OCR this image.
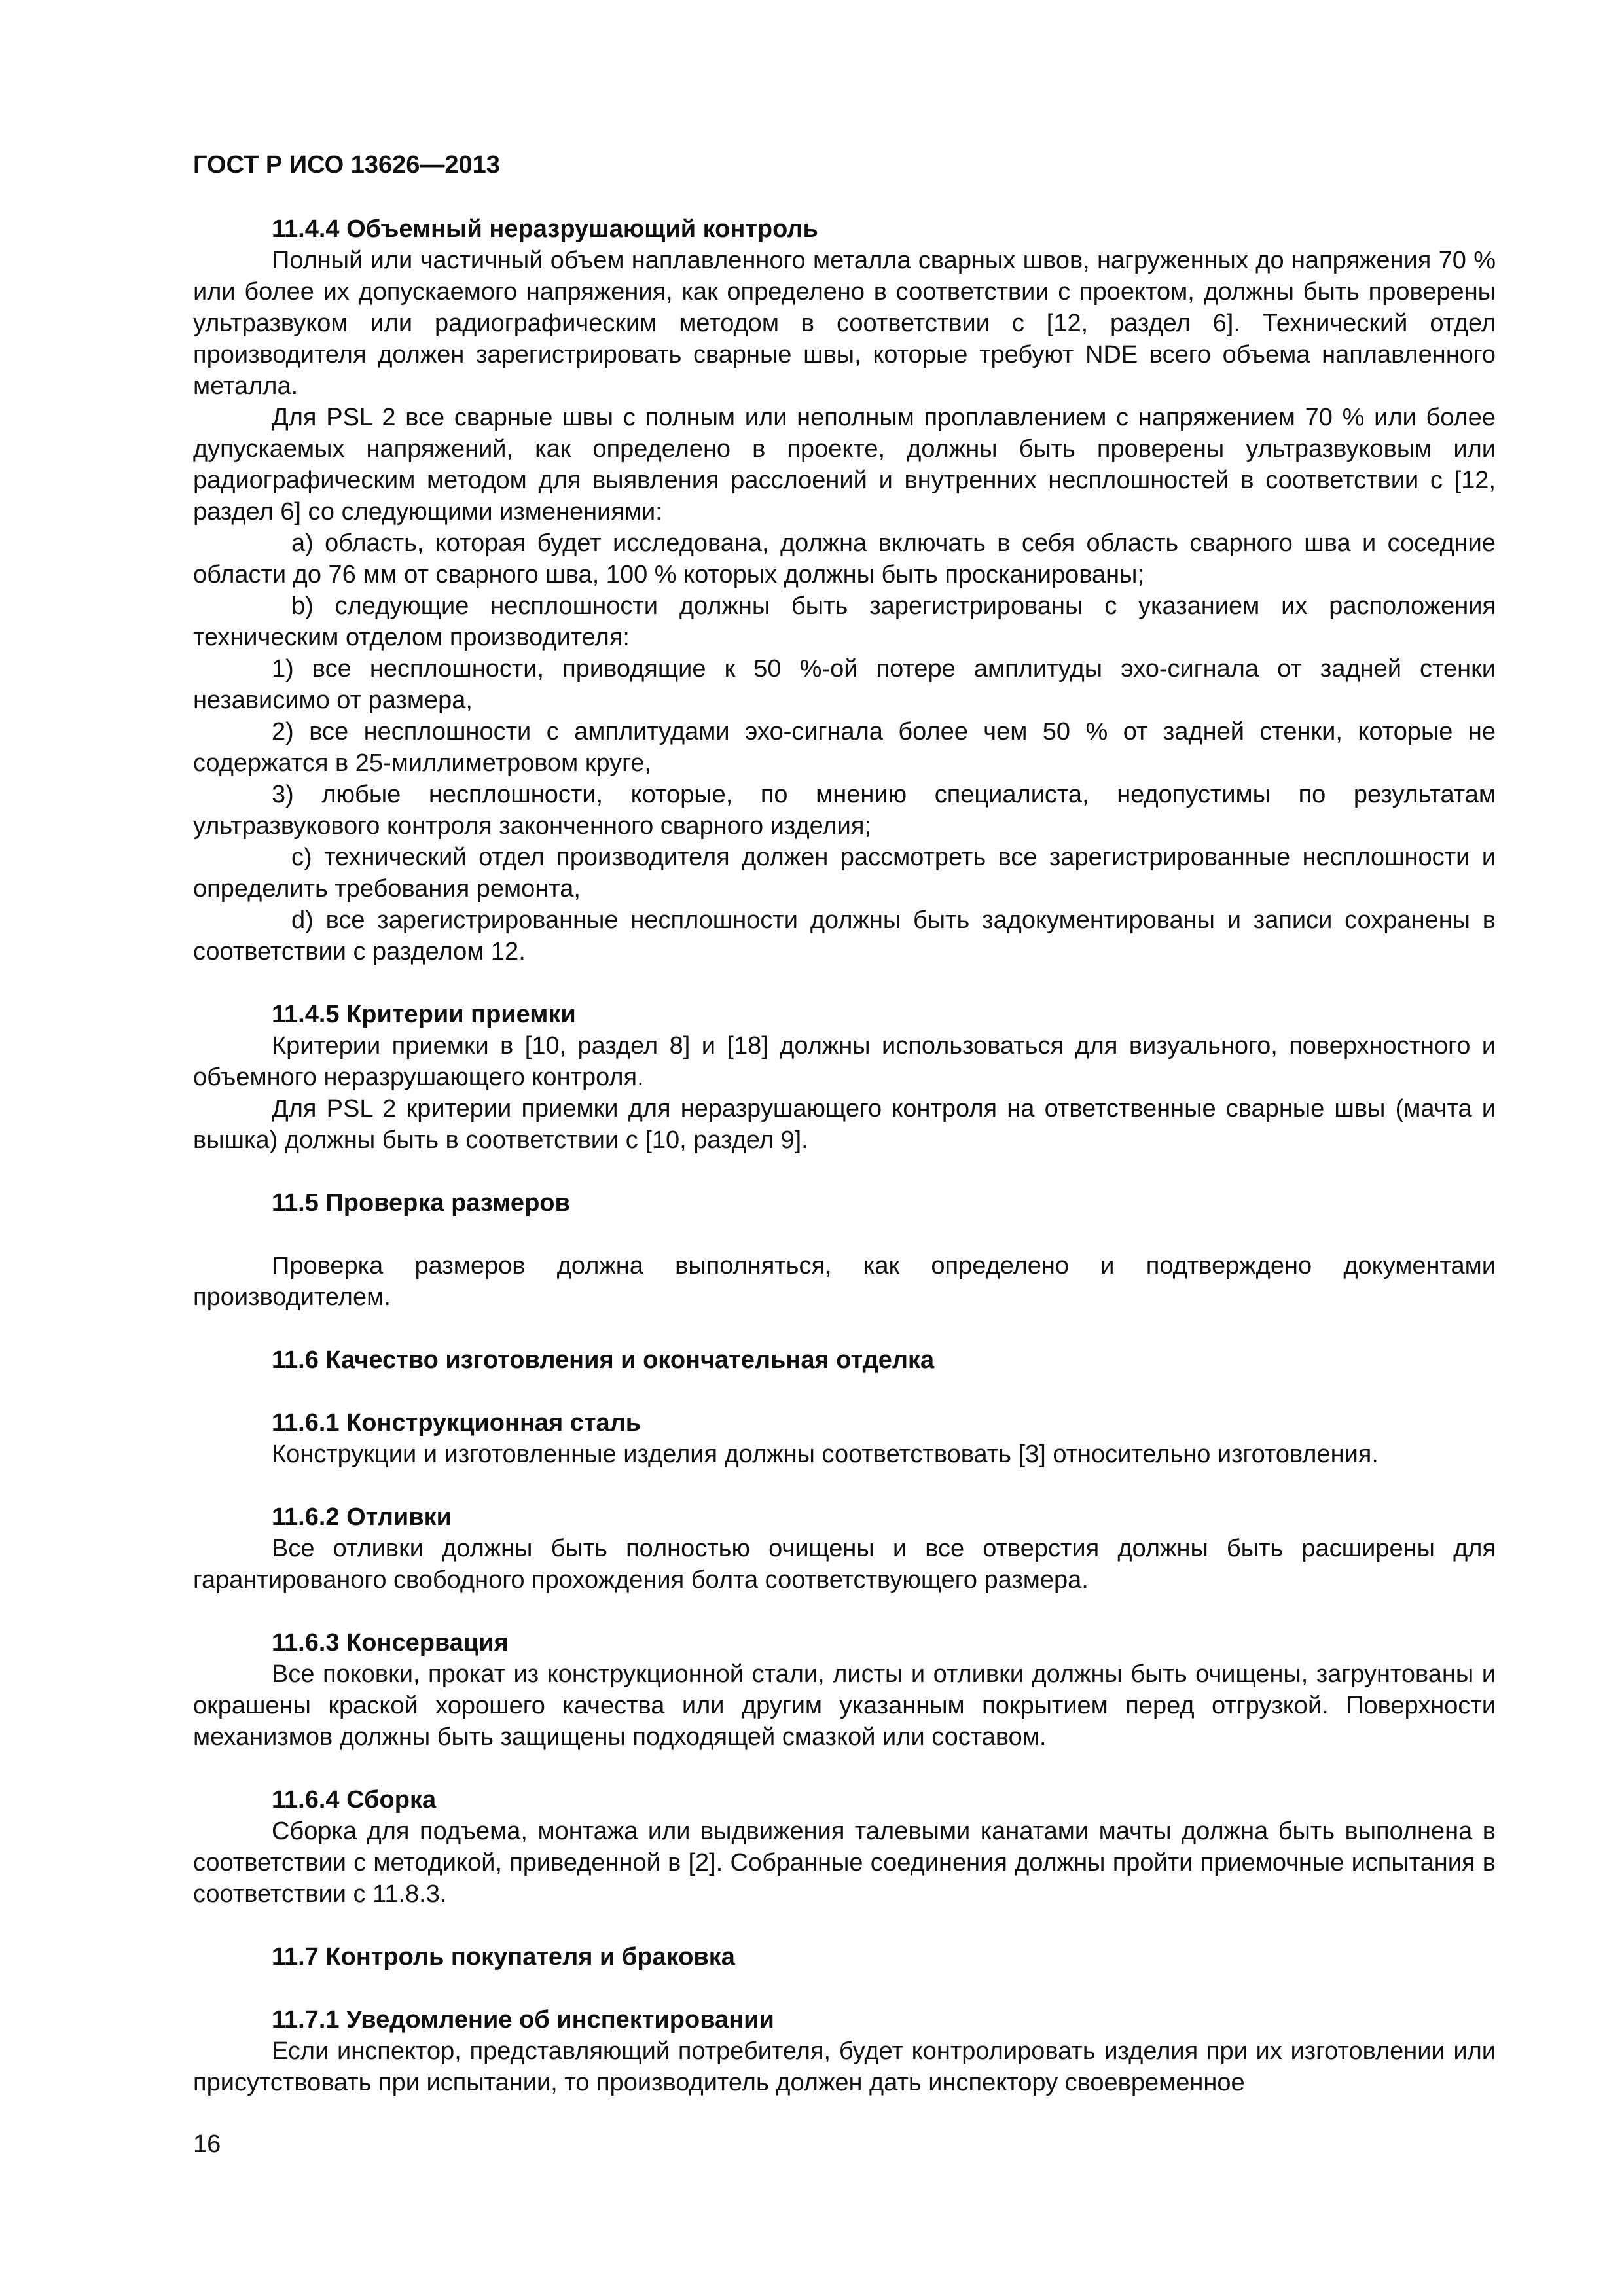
ГОСТ Р ИСО 13626—2013
11.4.4 Объемный неразрушающий контроль

Полный или частичный объем наплавленного металла сварных швов, нагруженных до напряжения 70 % или более их допускаемого напряжения, как определено в соответствии с проектом, должны быть проверены ультразвуком или радиографическим методом в соответствии с [12, раздел 6]. Технический отдел производителя должен зарегистрировать сварные швы, которые требуют NDE всего объема наплавленного металла.

Для PSL 2 все сварные швы с полным или неполным проплавлением с напряжением 70 % или более дупускаемых напряжений, как определено в проекте, должны быть проверены ультразвуковым или радиографическим методом для выявления расслоений и внутренних несплошностей в соответствии с [12, раздел 6] со следующими изменениями:

a) область, которая будет исследована, должна включать в себя область сварного шва и соседние области до 76 мм от сварного шва, 100 % которых должны быть просканированы;

b) следующие несплошности должны быть зарегистрированы с указанием их расположения техническим отделом производителя:

1) все несплошности, приводящие к 50 %-ой потере амплитуды эхо-сигнала от задней стенки независимо от размера,

2) все несплошности с амплитудами эхо-сигнала более чем 50 % от задней стенки, которые не содержатся в 25-миллиметровом круге,

3) любые несплошности, которые, по мнению специалиста, недопустимы по результатам ультразвукового контроля законченного сварного изделия;

c) технический отдел производителя должен рассмотреть все зарегистрированные несплошности и определить требования ремонта,

d) все зарегистрированные несплошности должны быть задокументированы и записи сохранены в соответствии с разделом 12.

11.4.5 Критерии приемки

Критерии приемки в [10, раздел 8] и [18] должны использоваться для визуального, поверхностного и объемного неразрушающего контроля.

Для PSL 2 критерии приемки для неразрушающего контроля на ответственные сварные швы (мачта и вышка) должны быть в соответствии с [10, раздел 9].

11.5 Проверка размеров

Проверка размеров должна выполняться, как определено и подтверждено документами производителем.

11.6 Качество изготовления и окончательная отделка
11.6.1 Конструкционная сталь

Конструкции и изготовленные изделия должны соответствовать [3] относительно изготовления.

11.6.2 Отливки

Все отливки должны быть полностью очищены и все отверстия должны быть расширены для гарантированого свободного прохождения болта соответствующего размера.

11.6.3 Консервация

Все поковки, прокат из конструкционной стали, листы и отливки должны быть очищены, загрунтованы и окрашены краской хорошего качества или другим указанным покрытием перед отгрузкой. Поверхности механизмов должны быть защищены подходящей смазкой или составом.

11.6.4 Сборка

Сборка для подъема, монтажа или выдвижения талевыми канатами мачты должна быть выполнена в соответствии с методикой, приведенной в [2]. Собранные соединения должны пройти приемочные испытания в соответствии с 11.8.3.

11.7 Контроль покупателя и браковка
11.7.1 Уведомление об инспектировании

Если инспектор, представляющий потребителя, будет контролировать изделия при их изготовлении или присутствовать при испытании, то производитель должен дать инспектору своевременное

16
